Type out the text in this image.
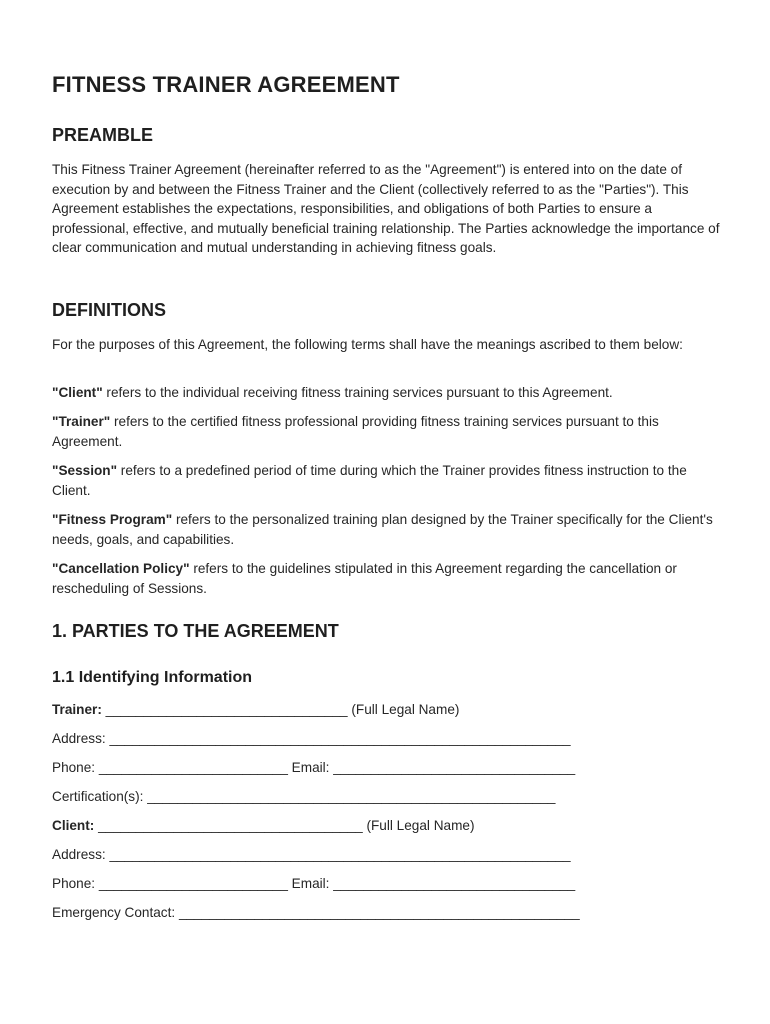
FITNESS TRAINER AGREEMENT
PREAMBLE

This Fitness Trainer Agreement (hereinafter referred to as the "Agreement") is entered into on the date of execution by and between the Fitness Trainer and the Client (collectively referred to as the "Parties"). This Agreement establishes the expectations, responsibilities, and obligations of both Parties to ensure a professional, effective, and mutually beneficial training relationship. The Parties acknowledge the importance of clear communication and mutual understanding in achieving fitness goals.

DEFINITIONS

For the purposes of this Agreement, the following terms shall have the meanings ascribed to them below:

"Client" refers to the individual receiving fitness training services pursuant to this Agreement.

"Trainer" refers to the certified fitness professional providing fitness training services pursuant to this Agreement.

"Session" refers to a predefined period of time during which the Trainer provides fitness instruction to the Client.

"Fitness Program" refers to the personalized training plan designed by the Trainer specifically for the Client's needs, goals, and capabilities.

"Cancellation Policy" refers to the guidelines stipulated in this Agreement regarding the cancellation or rescheduling of Sessions.

1. PARTIES TO THE AGREEMENT
1.1 Identifying Information
Trainer: ________________________________ (Full Legal Name)
Address: _____________________________________________________________
Phone: _________________________ Email: ________________________________
Certification(s): ______________________________________________________
Client: ___________________________________ (Full Legal Name)
Address: _____________________________________________________________
Phone: _________________________ Email: ________________________________
Emergency Contact: _____________________________________________________
